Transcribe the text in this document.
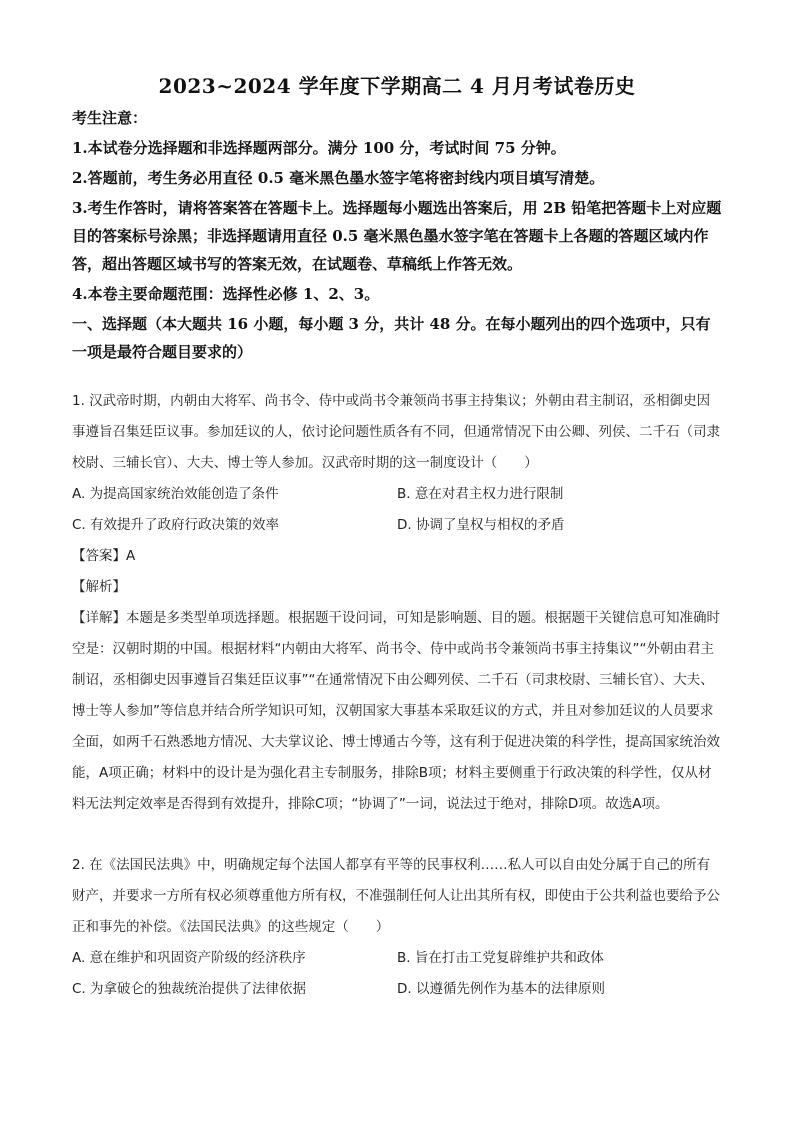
2023~2024 学年度下学期高二 4 月月考试卷历史

考生注意：

1.本试卷分选择题和非选择题两部分。满分 100 分，考试时间 75 分钟。

2.答题前，考生务必用直径 0.5 毫米黑色墨水签字笔将密封线内项目填写清楚。

3.考生作答时，请将答案答在答题卡上。选择题每小题选出答案后，用 2B 铅笔把答题卡上对应题目的答案标号涂黑；非选择题请用直径 0.5 毫米黑色墨水签字笔在答题卡上各题的答题区域内作答，超出答题区域书写的答案无效，在试题卷、草稿纸上作答无效。

4.本卷主要命题范围：选择性必修 1、2、3。

一、选择题（本大题共 16 小题，每小题 3 分，共计 48 分。在每小题列出的四个选项中，只有一项是最符合题目要求的）

1. 汉武帝时期，内朝由大将军、尚书令、侍中或尚书令兼领尚书事主持集议；外朝由君主制诏，丞相御史因事遵旨召集廷臣议事。参加廷议的人，依讨论问题性质各有不同，但通常情况下由公卿、列侯、二千石（司隶校尉、三辅长官）、大夫、博士等人参加。汉武帝时期的这一制度设计（　　）
A. 为提高国家统治效能创造了条件	B. 意在对君主权力进行限制
C. 有效提升了政府行政决策的效率	D. 协调了皇权与相权的矛盾
【答案】A
【解析】
【详解】本题是多类型单项选择题。根据题干设问词，可知是影响题、目的题。根据题干关键信息可知准确时空是：汉朝时期的中国。根据材料“内朝由大将军、尚书令、侍中或尚书令兼领尚书事主持集议”“外朝由君主制诏，丞相御史因事遵旨召集廷臣议事”“在通常情况下由公卿列侯、二千石（司隶校尉、三辅长官）、大夫、博士等人参加”等信息并结合所学知识可知，汉朝国家大事基本采取廷议的方式，并且对参加廷议的人员要求全面，如两千石熟悉地方情况、大夫掌议论、博士博通古今等，这有利于促进决策的科学性，提高国家统治效能，A项正确；材料中的设计是为强化君主专制服务，排除B项；材料主要侧重于行政决策的科学性，仅从材料无法判定效率是否得到有效提升，排除C项；“协调了”一词，说法过于绝对，排除D项。故选A项。
2. 在《法国民法典》中，明确规定每个法国人都享有平等的民事权利……私人可以自由处分属于自己的所有财产，并要求一方所有权必须尊重他方所有权，不准强制任何人让出其所有权，即使由于公共利益也要给予公正和事先的补偿。《法国民法典》的这些规定（　　）
A. 意在维护和巩固资产阶级的经济秩序	B. 旨在打击工党复辟维护共和政体
C. 为拿破仑的独裁统治提供了法律依据	D. 以遵循先例作为基本的法律原则
